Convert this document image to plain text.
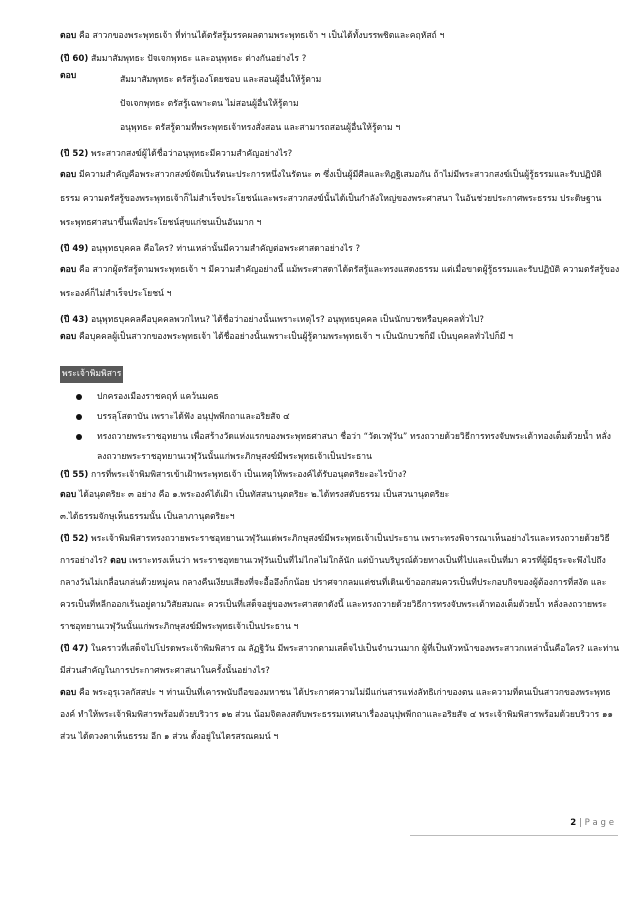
ตอบ คือ สาวกของพระพุทธเจ้า ที่ท่านได้ตรัสรู้มรรคผลตามพระพุทธเจ้า ฯ เป็นได้ทั้งบรรพชิตและคฤหัสถ์ ฯ

(ปี 60) สัมมาสัมพุทธะ ปัจเจกพุทธะ และอนุพุทธะ ต่างกันอย่างไร ?

ตอบ	สัมมาสัมพุทธะ ตรัสรู้เองโดยชอบ และสอนผู้อื่นให้รู้ตาม
ปัจเจกพุทธะ ตรัสรู้เฉพาะตน ไม่สอนผู้อื่นให้รู้ตาม
อนุพุทธะ ตรัสรู้ตามที่พระพุทธเจ้าทรงสั่งสอน และสามารถสอนผู้อื่นให้รู้ตาม ฯ

(ปี 52) พระสาวกสงฆ์ผู้ได้ชื่อว่าอนุพุทธะมีความสำคัญอย่างไร?

ตอบ มีความสำคัญคือพระสาวกสงฆ์จัดเป็นรัตนะประการหนึ่งในรัตนะ ๓ ซึ่งเป็นผู้มีศีลและทิฏฐิเสมอกัน ถ้าไม่มีพระสาวกสงฆ์เป็นผู้รู้ธรรมและรับปฏิบัติธรรม ความตรัสรู้ของพระพุทธเจ้าก็ไม่สำเร็จประโยชน์และพระสาวกสงฆ์นั้นได้เป็นกำลังใหญ่ของพระศาสนา ในอันช่วยประกาศพระธรรม ประดิษฐานพระพุทธศาสนาขึ้นเพื่อประโยชน์สุขแก่ชนเป็นอันมาก ฯ

(ปี 49) อนุพุทธบุคคล คือใคร? ท่านเหล่านั้นมีความสำคัญต่อพระศาสดาอย่างไร ?

ตอบ คือ สาวกผู้ตรัสรู้ตามพระพุทธเจ้า ฯ มีความสำคัญอย่างนี้ แม้พระศาสดาได้ตรัสรู้และทรงแสดงธรรม แต่เมื่อขาดผู้รู้ธรรมและรับปฏิบัติ ความตรัสรู้ของพระองค์ก็ไม่สำเร็จประโยชน์ ฯ

(ปี 43) อนุพุทธบุคคลคือบุคคลพวกไหน? ได้ชื่อว่าอย่างนั้นเพราะเหตุไร? อนุพุทธบุคคล เป็นนักบวชหรือบุคคลทั่วไป?

ตอบ คือบุคคลผู้เป็นสาวกของพระพุทธเจ้า ได้ชื่ออย่างนั้นเพราะเป็นผู้รู้ตามพระพุทธเจ้า ฯ เป็นนักบวชก็มี เป็นบุคคลทั่วไปก็มี ฯ

พระเจ้าพิมพิสาร
ปกครองเมืองราชคฤห์ แคว้นมคธ
บรรลุโสดาบัน เพราะได้ฟัง อนุปุพพีกถาและอริยสัจ ๔
ทรงถวายพระราชอุทยาน เพื่อสร้างวัดแห่งแรกของพระพุทธศาสนา ชื่อว่า “วัดเวฬุวัน” ทรงถวายด้วยวิธีการทรงจับพระเต้าทองเต็มด้วยน้ำ หลั่งลงถวายพระราชอุทยานเวฬุวันนั้นแก่พระภิกษุสงฆ์มีพระพุทธเจ้าเป็นประธาน

(ปี 55) การที่พระเจ้าพิมพิสารเข้าเฝ้าพระพุทธเจ้า เป็นเหตุให้พระองค์ได้รับอนุตตริยะอะไรบ้าง?

ตอบ ได้อนุตตริยะ ๓ อย่าง คือ ๑.พระองค์ได้เฝ้า เป็นทัสสนานุตตริยะ ๒.ได้ทรงสดับธรรม เป็นสวนานุตตริยะ

๓.ได้ธรรมจักษุเห็นธรรมนั้น เป็นลาภานุตตริยะฯ

(ปี 52) พระเจ้าพิมพิสารทรงถวายพระราชอุทยานเวฬุวันแด่พระภิกษุสงฆ์มีพระพุทธเจ้าเป็นประธาน เพราะทรงพิจารณาเห็นอย่างไรและทรงถวายด้วยวิธีการอย่างไร? ตอบ เพราะทรงเห็นว่า พระราชอุทยานเวฬุวันเป็นที่ไม่ไกลไม่ใกล้นัก แต่บ้านบริบูรณ์ด้วยทางเป็นที่ไปและเป็นที่มา ควรที่ผู้มีธุระจะพึงไปถึง กลางวันไม่เกลื่อนกล่นด้วยหมู่คน กลางคืนเงียบเสียงที่จะอื้ออึงก็กน้อย ปราศจากลมแต่ชนที่เดินเข้าออกสมควรเป็นที่ประกอบกิจของผู้ต้องการที่สงัด และควรเป็นที่หลีกออกเร้นอยู่ตามวิสัยสมณะ ควรเป็นที่เสด็จอยู่ของพระศาสดาดังนี้ และทรงถวายด้วยวิธีการทรงจับพระเต้าทองเต็มด้วยน้ำ หลั่งลงถวายพระราชอุทยานเวฬุวันนั้นแก่พระภิกษุสงฆ์มีพระพุทธเจ้าเป็นประธาน ฯ

(ปี 47) ในคราวที่เสด็จไปโปรดพระเจ้าพิมพิสาร ณ ลัฏฐิวัน มีพระสาวกตามเสด็จไปเป็นจำนวนมาก ผู้ที่เป็นหัวหน้าของพระสาวกเหล่านั้นคือใคร? และท่านมีส่วนสำคัญในการประกาศพระศาสนาในครั้งนั้นอย่างไร?

ตอบ คือ พระอุรุเวลกัสสปะ ฯ ท่านเป็นที่เคารพนับถือของมหาชน ได้ประกาศความไม่มีแก่นสารแห่งลัทธิเก่าของตน และความที่ตนเป็นสาวกของพระพุทธองค์ ทำให้พระเจ้าพิมพิสารพร้อมด้วยบริวาร ๑๒ ส่วน น้อมจิตลงสดับพระธรรมเทศนาเรื่องอนุปุพพีกถาและอริยสัจ ๔ พระเจ้าพิมพิสารพร้อมด้วยบริวาร ๑๑ ส่วน ได้ดวงตาเห็นธรรม อีก ๑ ส่วน ตั้งอยู่ในไตรสรณคมน์ ฯ

2 | P a g e
